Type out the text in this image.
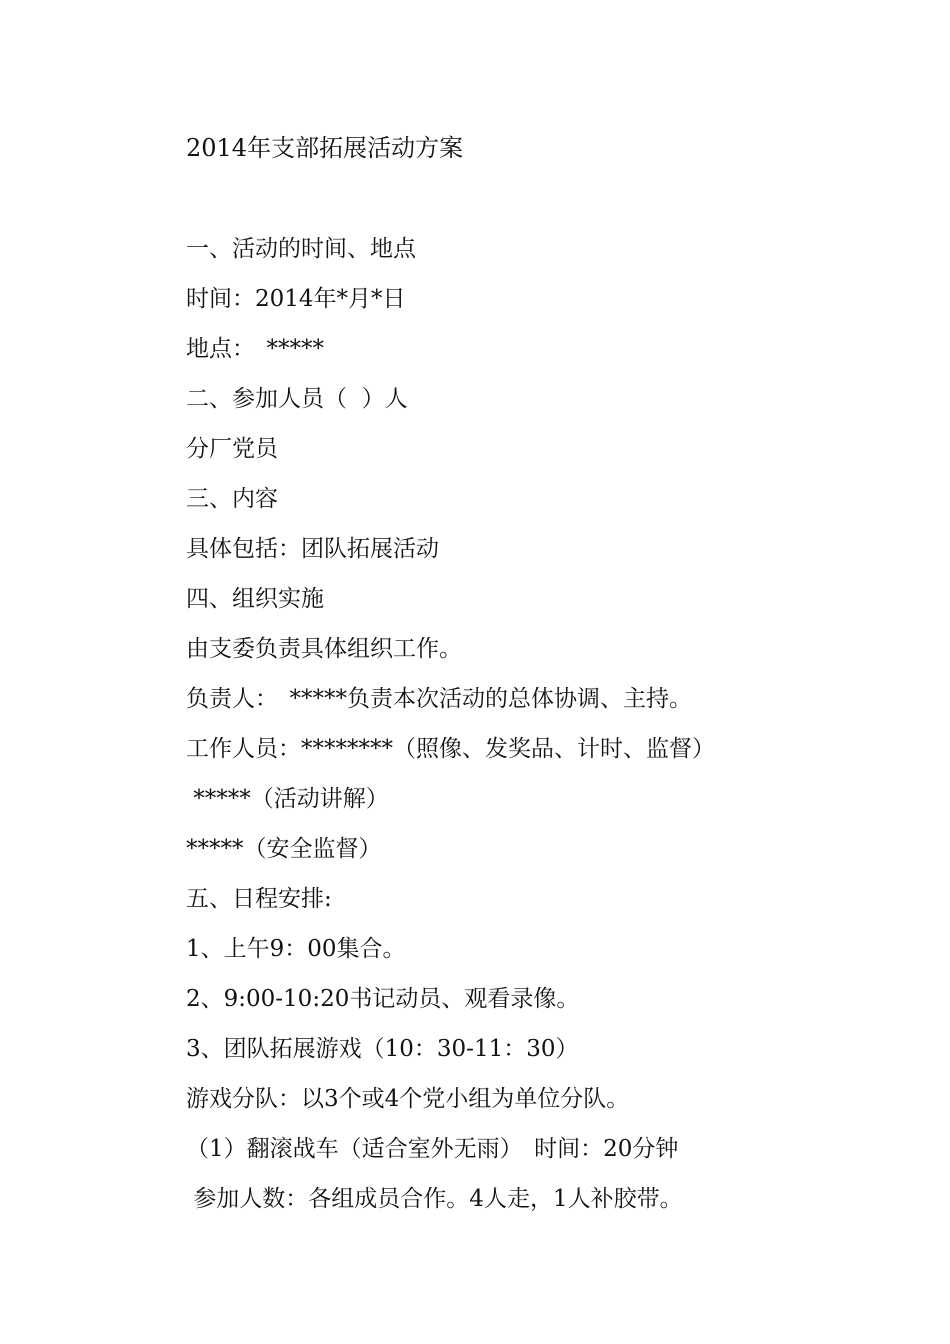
2014年支部拓展活动方案
一、活动的时间、地点
时间：2014年*月*日
地点：　*****
二、参加人员（  ）人
分厂党员
三、内容
具体包括：团队拓展活动
四、组织实施
由支委负责具体组织工作。
负责人：　*****负责本次活动的总体协调、主持。
工作人员：********（照像、发奖品、计时、监督）
*****（活动讲解）
*****（安全监督）
五、日程安排:
1、上午9：00集合。
2、9:00-10:20书记动员、观看录像。
3、团队拓展游戏（10：30-11：30）
游戏分队：以3个或4个党小组为单位分队。
（1）翻滚战车（适合室外无雨）　时间：20分钟
参加人数：各组成员合作。4人走，1人补胶带。
